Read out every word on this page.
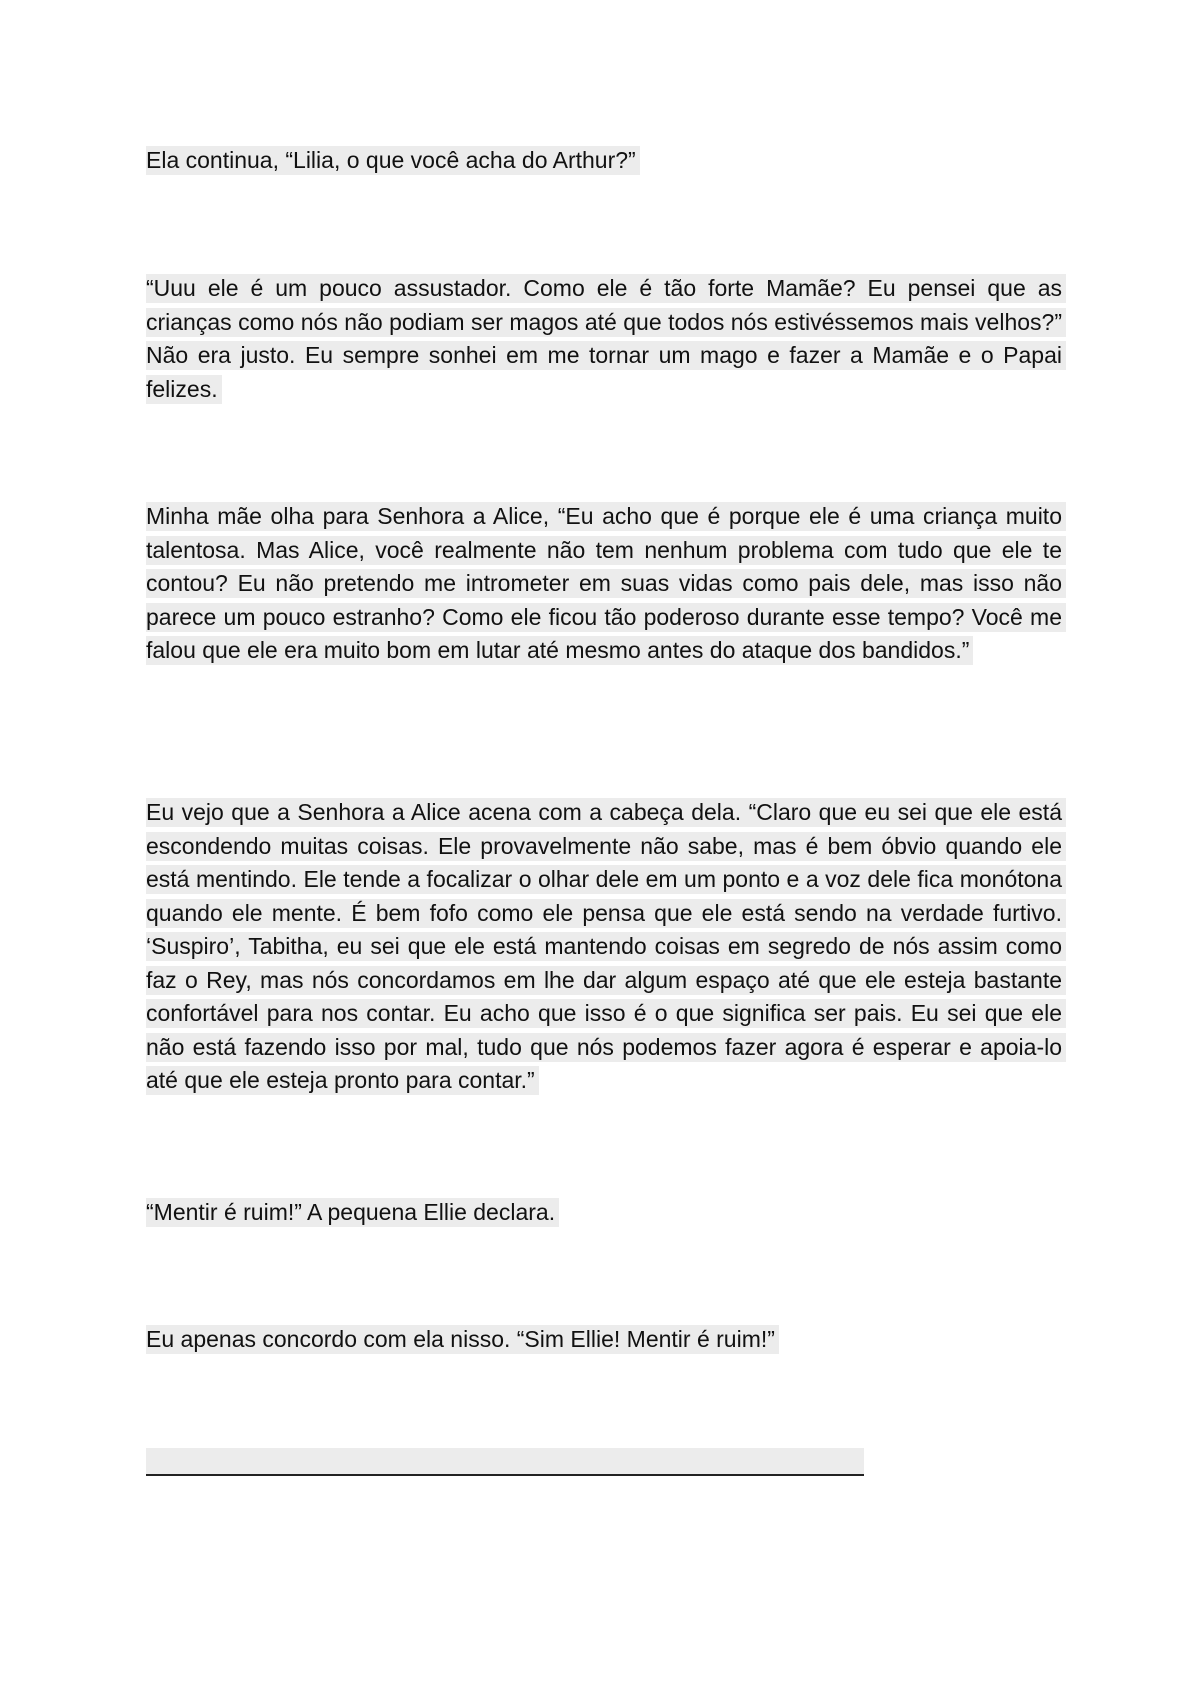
Ela continua, “Lilia, o que você acha do Arthur?”

“Uuu ele é um pouco assustador. Como ele é tão forte Mamãe? Eu pensei que as crianças como nós não podiam ser magos até que todos nós estivéssemos mais velhos?” Não era justo. Eu sempre sonhei em me tornar um mago e fazer a Mamãe e o Papai felizes.

Minha mãe olha para Senhora a Alice, “Eu acho que é porque ele é uma criança muito talentosa. Mas Alice, você realmente não tem nenhum problema com tudo que ele te contou? Eu não pretendo me intrometer em suas vidas como pais dele, mas isso não parece um pouco estranho? Como ele ficou tão poderoso durante esse tempo? Você me falou que ele era muito bom em lutar até mesmo antes do ataque dos bandidos.”

Eu vejo que a Senhora a Alice acena com a cabeça dela. “Claro que eu sei que ele está escondendo muitas coisas. Ele provavelmente não sabe, mas é bem óbvio quando ele está mentindo. Ele tende a focalizar o olhar dele em um ponto e a voz dele fica monótona quando ele mente. É bem fofo como ele pensa que ele está sendo na verdade furtivo. ‘Suspiro’, Tabitha, eu sei que ele está mantendo coisas em segredo de nós assim como faz o Rey, mas nós concordamos em lhe dar algum espaço até que ele esteja bastante confortável para nos contar. Eu acho que isso é o que significa ser pais. Eu sei que ele não está fazendo isso por mal, tudo que nós podemos fazer agora é esperar e apoia-lo até que ele esteja pronto para contar.”

“Mentir é ruim!” A pequena Ellie declara.

Eu apenas concordo com ela nisso. “Sim Ellie! Mentir é ruim!”
